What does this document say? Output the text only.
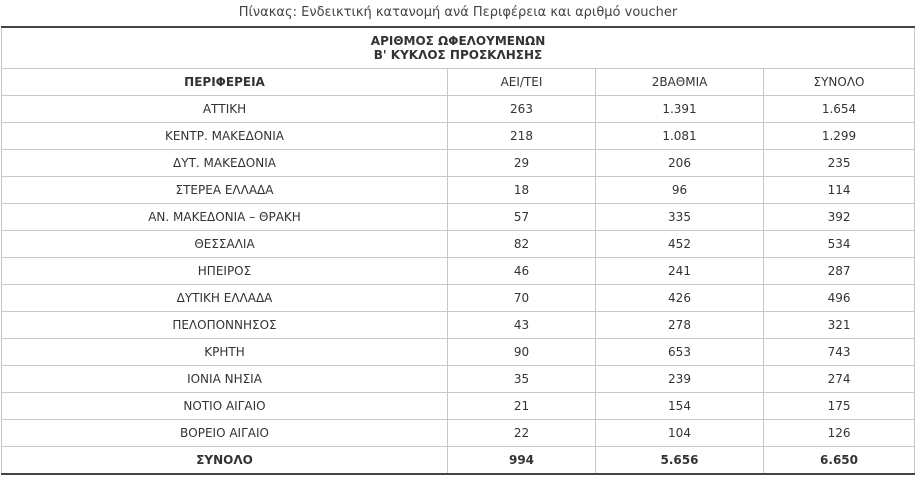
Πίνακας: Ενδεικτική κατανομή ανά Περιφέρεια και αριθμό voucher
ΑΡΙΘΜΟΣ ΩΦΕΛΟΥΜΕΝΩΝ			
Β' ΚΥΚΛΟΣ ΠΡΟΣΚΛΗΣΗΣ			
ΠΕΡΙΦΕΡΕΙΑ	ΑΕΙ/ΤΕΙ	2ΒΑΘΜΙΑ	ΣΥΝΟΛΟ
ΑΤΤΙΚΗ	263	1.391	1.654
ΚΕΝΤΡ. ΜΑΚΕΔΟΝΙΑ	218	1.081	1.299
ΔΥΤ. ΜΑΚΕΔΟΝΙΑ	29	206	235
ΣΤΕΡΕΑ ΕΛΛΑΔΑ	18	96	114
ΑΝ. ΜΑΚΕΔΟΝΙΑ – ΘΡΑΚΗ	57	335	392
ΘΕΣΣΑΛΙΑ	82	452	534
ΗΠΕΙΡΟΣ	46	241	287
ΔΥΤΙΚΗ ΕΛΛΑΔΑ	70	426	496
ΠΕΛΟΠΟΝΝΗΣΟΣ	43	278	321
ΚΡΗΤΗ	90	653	743
ΙΟΝΙΑ ΝΗΣΙΑ	35	239	274
ΝΟΤΙΟ ΑΙΓΑΙΟ	21	154	175
ΒΟΡΕΙΟ ΑΙΓΑΙΟ	22	104	126
ΣΥΝΟΛΟ	994	5.656	6.650
